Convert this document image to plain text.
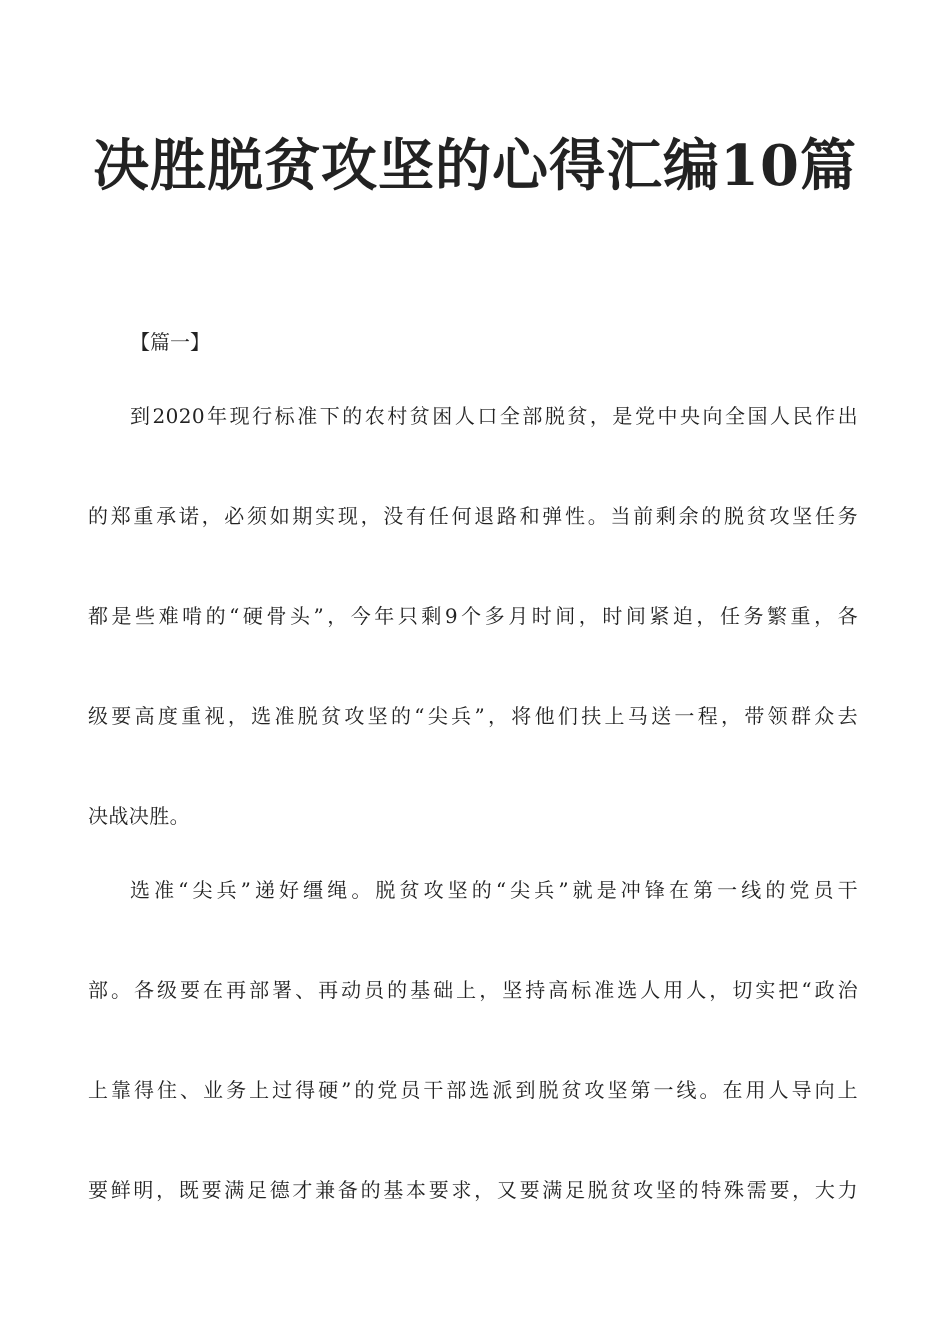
决胜脱贫攻坚的心得汇编10篇

【篇一】

到2020年现行标准下的农村贫困人口全部脱贫，是党中央向全国人民作出

的郑重承诺，必须如期实现，没有任何退路和弹性。当前剩余的脱贫攻坚任务

都是些难啃的“硬骨头”，今年只剩9个多月时间，时间紧迫，任务繁重，各

级要高度重视，选准脱贫攻坚的“尖兵”，将他们扶上马送一程，带领群众去

决战决胜。

选准“尖兵”递好缰绳。脱贫攻坚的“尖兵”就是冲锋在第一线的党员干

部。各级要在再部署、再动员的基础上，坚持高标准选人用人，切实把“政治

上靠得住、业务上过得硬”的党员干部选派到脱贫攻坚第一线。在用人导向上

要鲜明，既要满足德才兼备的基本要求，又要满足脱贫攻坚的特殊需要，大力
